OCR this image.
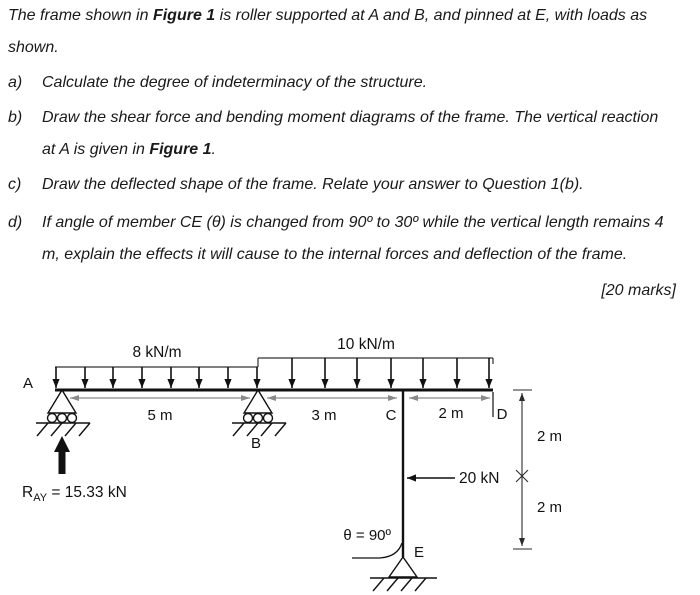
The frame shown in Figure 1 is roller supported at A and B, and pinned at E, with loads as
shown.
a)	Calculate the degree of indeterminacy of the structure.
b)	Draw the shear force and bending moment diagrams of the frame. The vertical reaction
at A is given in Figure 1.
c)	Draw the deflected shape of the frame. Relate your answer to Question 1(b).
d)	If angle of member CE (θ) is changed from 90º to 30º while the vertical length remains 4
m, explain the effects it will cause to the internal forces and deflection of the frame.
[20 marks]
8 kN/m	10 kN/m
A
B
C	D
E
5 m	3 m	2 m
2 m
2 m
20 kN
θ = 90º
$R_{AY} = 15.33$ kN
